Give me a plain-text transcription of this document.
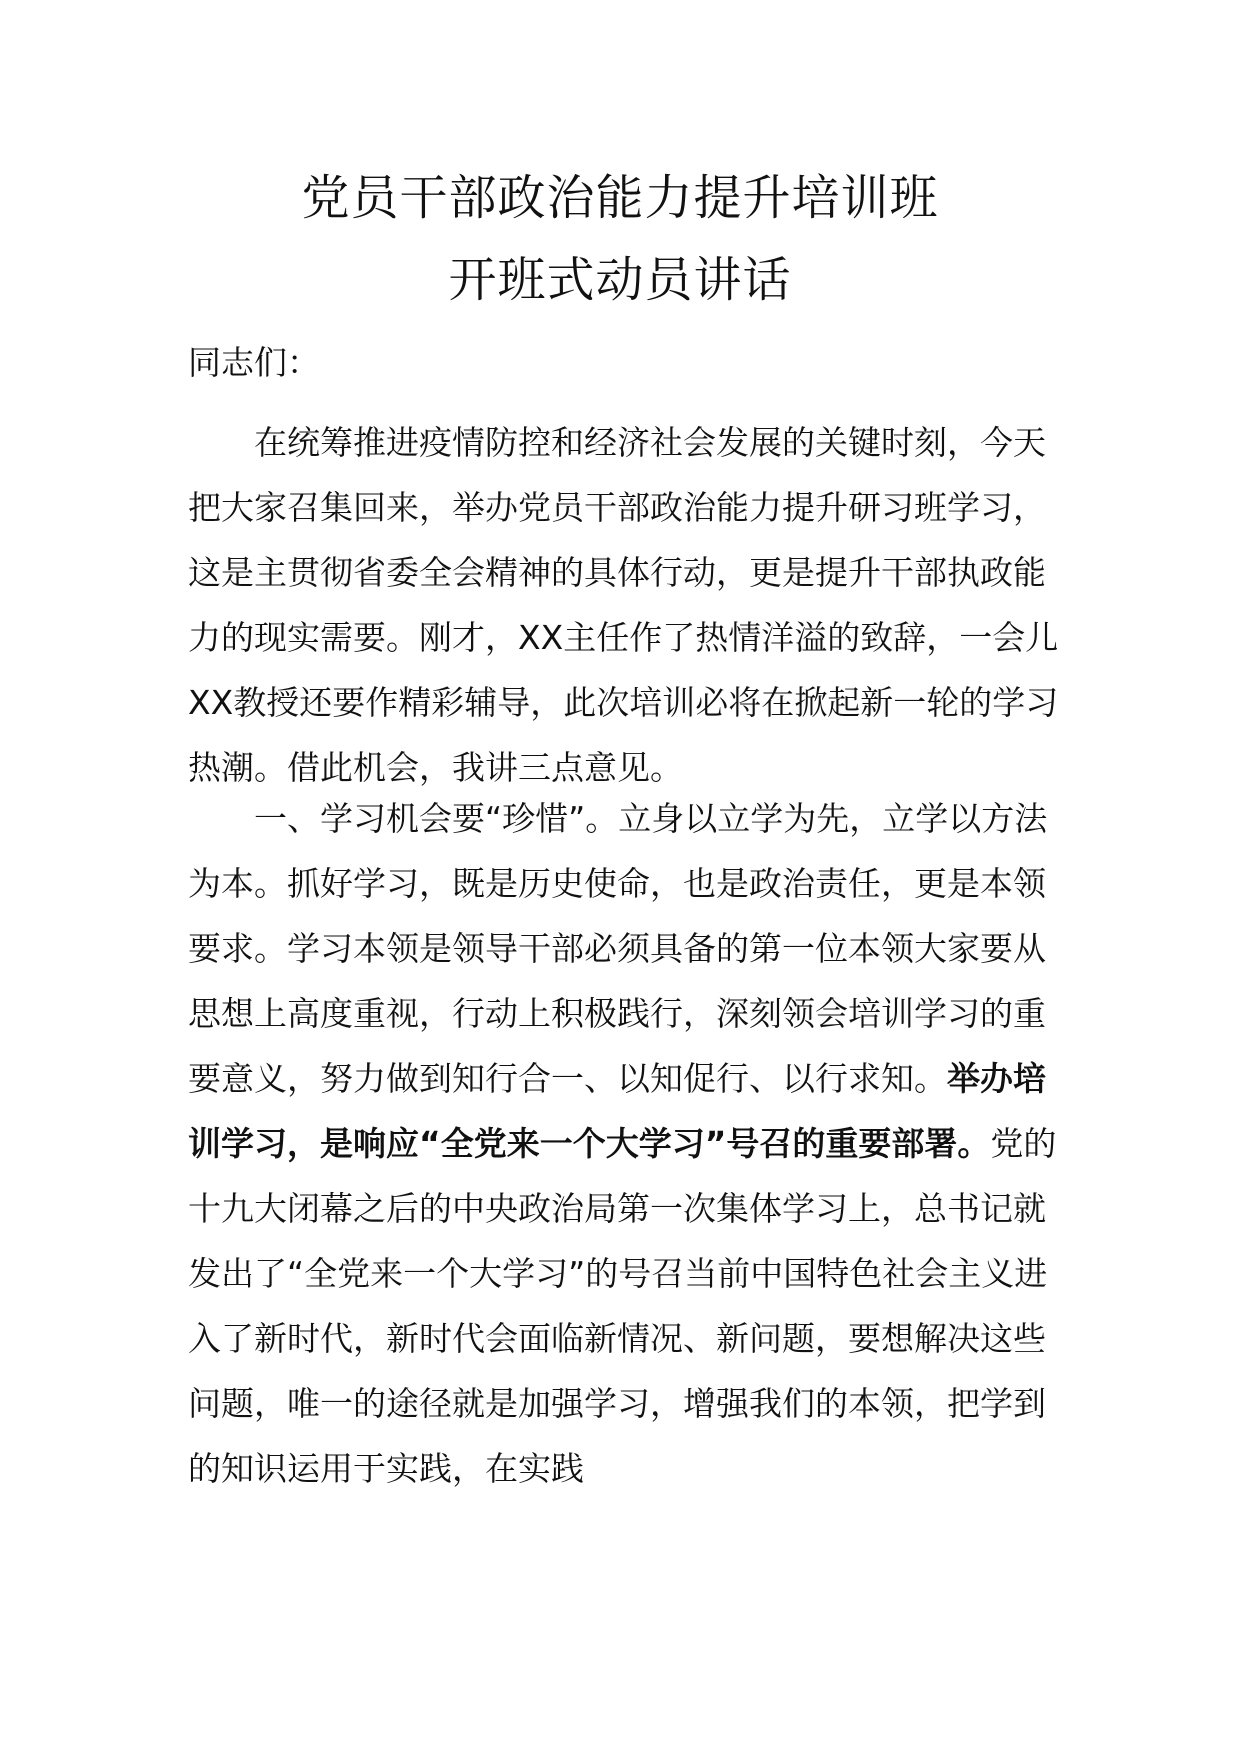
党员干部政治能力提升培训班
开班式动员讲话

同志们：

在统筹推进疫情防控和经济社会发展的关键时刻，今天把大家召集回来，举办党员干部政治能力提升研习班学习，这是主贯彻省委全会精神的具体行动，更是提升干部执政能力的现实需要。刚才，XX主任作了热情洋溢的致辞，一会儿XX教授还要作精彩辅导，此次培训必将在掀起新一轮的学习热潮。借此机会，我讲三点意见。

一、学习机会要“珍惜”。立身以立学为先，立学以方法为本。抓好学习，既是历史使命，也是政治责任，更是本领要求。学习本领是领导干部必须具备的第一位本领大家要从思想上高度重视，行动上积极践行，深刻领会培训学习的重要意义，努力做到知行合一、以知促行、以行求知。举办培训学习，是响应“全党来一个大学习”号召的重要部署。党的十九大闭幕之后的中央政治局第一次集体学习上，总书记就发出了“全党来一个大学习”的号召当前中国特色社会主义进入了新时代，新时代会面临新情况、新问题，要想解决这些问题，唯一的途径就是加强学习，增强我们的本领，把学到的知识运用于实践，在实践
